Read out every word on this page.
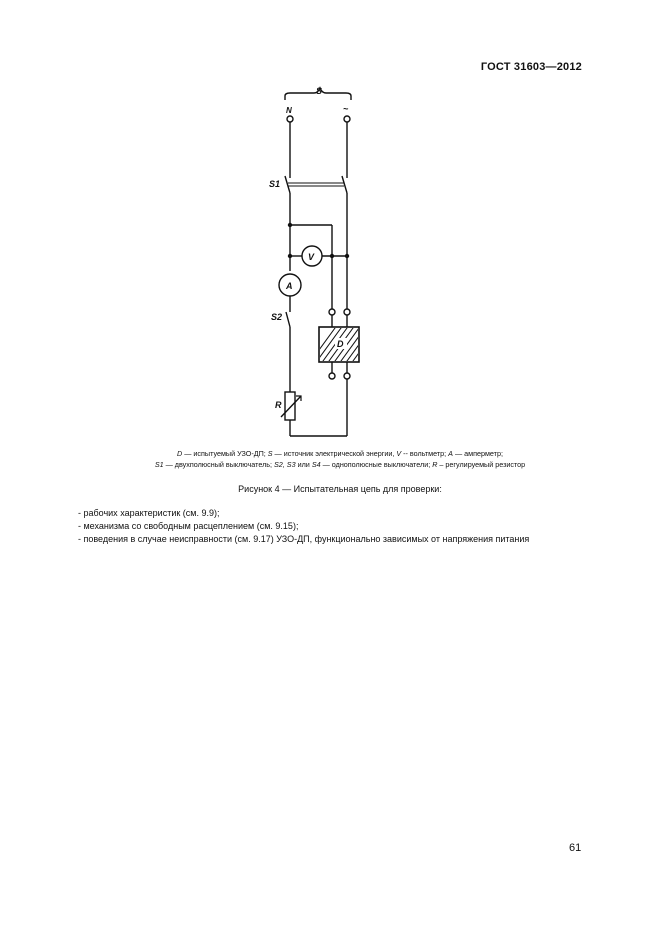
ГОСТ 31603—2012
S
N	~
S1
V
A
S2
D
R
D — испытуемый УЗО-ДП; S — источник электрической энергии, V -- вольтметр; A — амперметр;
S1 — двухполюсный выключатель; S2, S3 или S4 — однополюсные выключатели; R – регулируемый резистор
Рисунок 4 — Испытательная цепь для проверки:
- рабочих характеристик (см. 9.9);
- механизма со свободным расцеплением (см. 9.15);
- поведения в случае неисправности (см. 9.17) УЗО-ДП, функционально зависимых от напряжения питания
61
